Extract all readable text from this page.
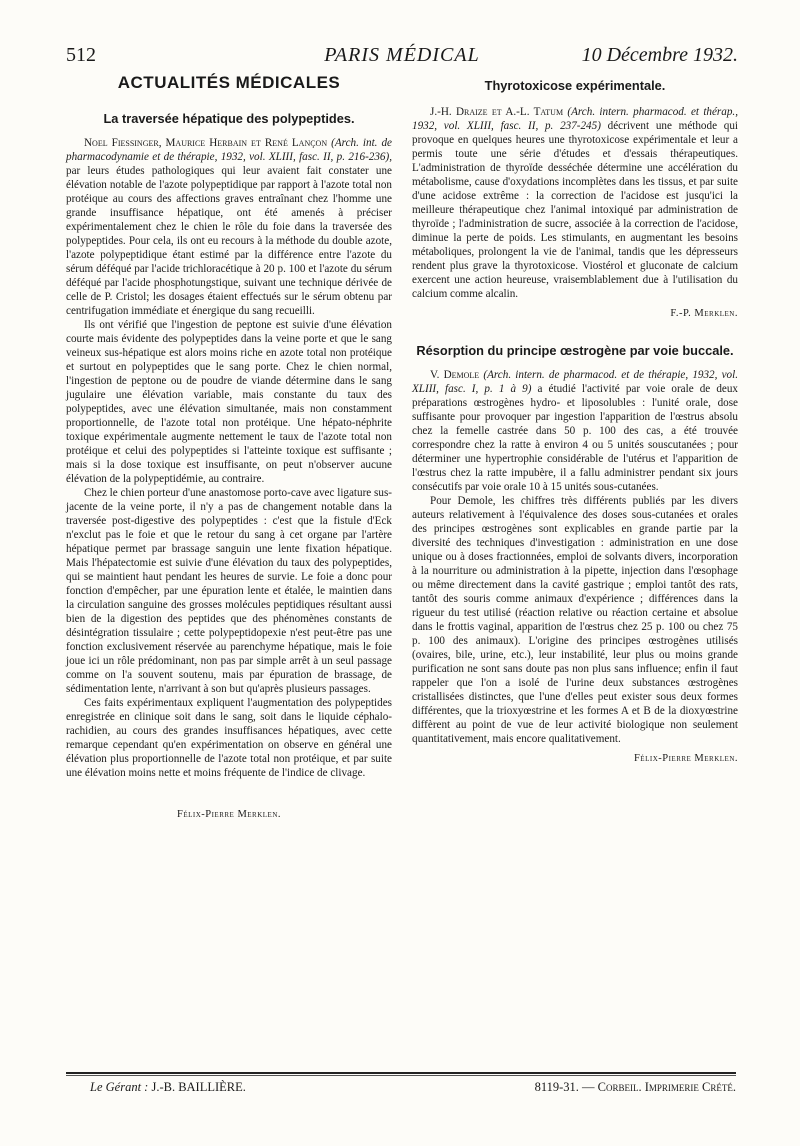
512	PARIS MÉDICAL	10 Décembre 1932.
ACTUALITÉS MÉDICALES
La traversée hépatique des polypeptides.

Noel Fiessinger, Maurice Herbain et René Lançon (Arch. int. de pharmacodynamie et de thérapie, 1932, vol. XLIII, fasc. II, p. 216-236), par leurs études pathologiques qui leur avaient fait constater une élévation notable de l'azote polypeptidique par rapport à l'azote total non protéique au cours des affections graves entraînant chez l'homme une grande insuffisance hépatique, ont été amenés à préciser expérimentalement chez le chien le rôle du foie dans la traversée des polypeptides. Pour cela, ils ont eu recours à la méthode du double azote, l'azote polypeptidique étant estimé par la différence entre l'azote du sérum déféqué par l'acide trichloracétique à 20 p. 100 et l'azote du sérum déféqué par l'acide phosphotungstique, suivant une technique dérivée de celle de P. Cristol; les dosages étaient effectués sur le sérum obtenu par centrifugation immédiate et énergique du sang recueilli.

Ils ont vérifié que l'ingestion de peptone est suivie d'une élévation courte mais évidente des polypeptides dans la veine porte et que le sang veineux sus-hépatique est alors moins riche en azote total non protéique et surtout en polypeptides que le sang porte. Chez le chien normal, l'ingestion de peptone ou de poudre de viande détermine dans le sang jugulaire une élévation variable, mais constante du taux des polypeptides, avec une élévation simultanée, mais non constamment proportionnelle, de l'azote total non protéique. Une hépato-néphrite toxique expérimentale augmente nettement le taux de l'azote total non protéique et celui des polypeptides si l'atteinte toxique est suffisante ; mais si la dose toxique est insuffisante, on peut n'observer aucune élévation de la polypeptidémie, au contraire.

Chez le chien porteur d'une anastomose porto-cave avec ligature sus-jacente de la veine porte, il n'y a pas de changement notable dans la traversée post-digestive des polypeptides : c'est que la fistule d'Eck n'exclut pas le foie et que le retour du sang à cet organe par l'artère hépatique permet par brassage sanguin une lente fixation hépatique. Mais l'hépatectomie est suivie d'une élévation du taux des polypeptides, qui se maintient haut pendant les heures de survie. Le foie a donc pour fonction d'empêcher, par une épuration lente et étalée, le maintien dans la circulation sanguine des grosses molécules peptidiques résultant aussi bien de la digestion des peptides que des phénomènes constants de désintégration tissulaire ; cette polypeptidopexie n'est peut-être pas une fonction exclusivement réservée au parenchyme hépatique, mais le foie joue ici un rôle prédominant, non pas par simple arrêt à un seul passage comme on l'a souvent soutenu, mais par épuration de brassage, de sédimentation lente, n'arrivant à son but qu'après plusieurs passages.

Ces faits expérimentaux expliquent l'augmentation des polypeptides enregistrée en clinique soit dans le sang, soit dans le liquide céphalo-rachidien, au cours des grandes insuffisances hépatiques, avec cette remarque cependant qu'en expérimentation on observe en général une élévation plus proportionnelle de l'azote total non protéique, et par suite une élévation moins nette et moins fréquente de l'indice de clivage.

Félix-Pierre Merklen.
Thyrotoxicose expérimentale.

J.-H. Draize et A.-L. Tatum (Arch. intern. pharmacod. et thérap., 1932, vol. XLIII, fasc. II, p. 237-245) décrivent une méthode qui provoque en quelques heures une thyrotoxicose expérimentale et leur a permis toute une série d'études et d'essais thérapeutiques. L'administration de thyroïde desséchée détermine une accélération du métabolisme, cause d'oxydations incomplètes dans les tissus, et par suite d'une acidose extrême : la correction de l'acidose est jusqu'ici la meilleure thérapeutique chez l'animal intoxiqué par administration de thyroïde ; l'administration de sucre, associée à la correction de l'acidose, diminue la perte de poids. Les stimulants, en augmentant les besoins métaboliques, prolongent la vie de l'animal, tandis que les dépresseurs rendent plus grave la thyrotoxicose. Viostérol et gluconate de calcium exercent une action heureuse, vraisemblablement due à l'utilisation du calcium comme alcalin.

F.-P. Merklen.
Résorption du principe œstrogène par voie buccale.

V. Demole (Arch. intern. de pharmacod. et de thérapie, 1932, vol. XLIII, fasc. I, p. 1 à 9) a étudié l'activité par voie orale de deux préparations œstrogènes hydro- et liposolubles : l'unité orale, dose suffisante pour provoquer par ingestion l'apparition de l'œstrus absolu chez la femelle castrée dans 50 p. 100 des cas, a été trouvée correspondre chez la ratte à environ 4 ou 5 unités souscutanées ; pour déterminer une hypertrophie considérable de l'utérus et l'apparition de l'œstrus chez la ratte impubère, il a fallu administrer pendant six jours consécutifs par voie orale 10 à 15 unités sous-cutanées.

Pour Demole, les chiffres très différents publiés par les divers auteurs relativement à l'équivalence des doses sous-cutanées et orales des principes œstrogènes sont explicables en grande partie par la diversité des techniques d'investigation : administration en une dose unique ou à doses fractionnées, emploi de solvants divers, incorporation à la nourriture ou administration à la pipette, injection dans l'œsophage ou même directement dans la cavité gastrique ; emploi tantôt des rats, tantôt des souris comme animaux d'expérience ; différences dans la rigueur du test utilisé (réaction relative ou réaction certaine et absolue dans le frottis vaginal, apparition de l'œstrus chez 25 p. 100 ou chez 75 p. 100 des animaux). L'origine des principes œstrogènes utilisés (ovaires, bile, urine, etc.), leur instabilité, leur plus ou moins grande purification ne sont sans doute pas non plus sans influence; enfin il faut rappeler que l'on a isolé de l'urine deux substances œstrogènes cristallisées distinctes, que l'une d'elles peut exister sous deux formes différentes, que la trioxyœstrine et les formes A et B de la dioxyœstrine diffèrent au point de vue de leur activité biologique non seulement quantitativement, mais encore qualitativement.

Félix-Pierre Merklen.
Le Gérant : J.-B. BAILLIÈRE.	8119-31. — Corbeil. Imprimerie Crété.
